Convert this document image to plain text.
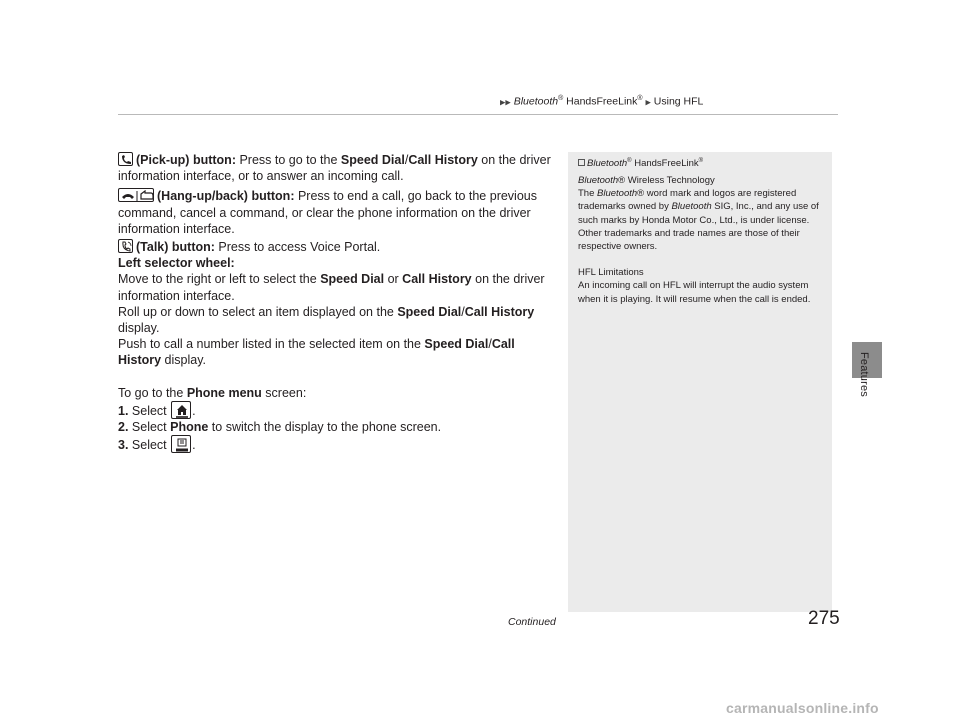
▶▶ Bluetooth® HandsFreeLink® ▶ Using HFL
Features

(Pick-up) button: Press to go to the Speed Dial/Call History on the driver information interface, or to answer an incoming call.

(Hang-up/back) button: Press to end a call, go back to the previous command, cancel a command, or clear the phone information on the driver information interface.

(Talk) button: Press to access Voice Portal.

Left selector wheel:

Move to the right or left to select the Speed Dial or Call History on the driver information interface.

Roll up or down to select an item displayed on the Speed Dial/Call History display.

Push to call a number listed in the selected item on the Speed Dial/Call History display.

To go to the Phone menu screen:

1. Select
.

2. Select Phone to switch the display to the phone screen.

3. Select
.

Bluetooth® HandsFreeLink®

Bluetooth® Wireless Technology

The Bluetooth® word mark and logos are registered trademarks owned by Bluetooth SIG, Inc., and any use of such marks by Honda Motor Co., Ltd., is under license. Other trademarks and trade names are those of their respective owners.

HFL Limitations

An incoming call on HFL will interrupt the audio system when it is playing. It will resume when the call is ended.

Continued	275
carmanualsonline.info
